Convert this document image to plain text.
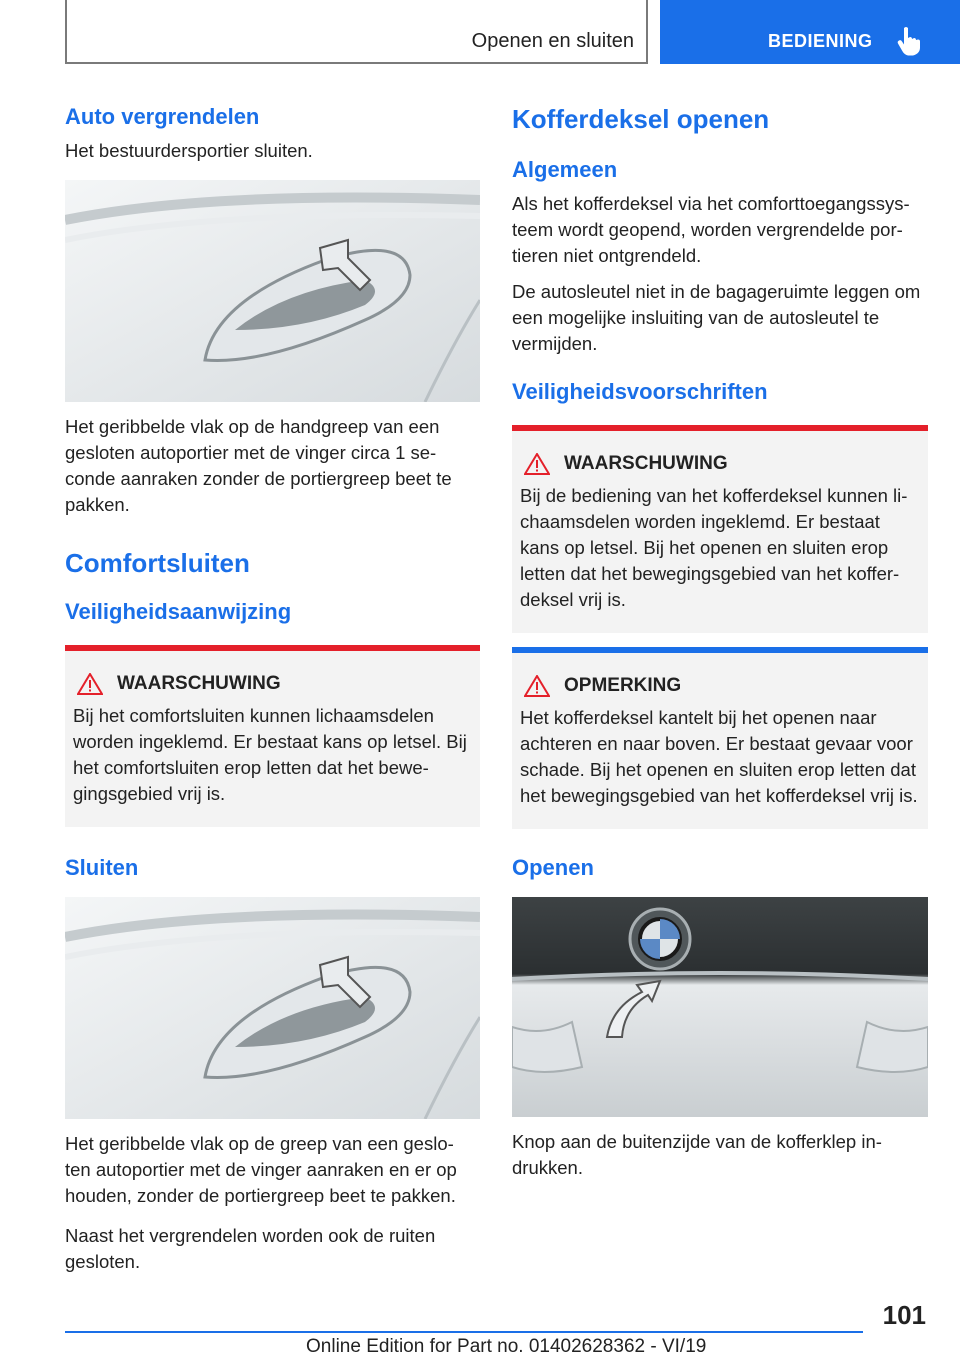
Openen en sluiten	BEDIENING
Auto vergrendelen

Het bestuurdersportier sluiten.

Het geribbelde vlak op de handgreep van een gesloten autoportier met de vinger circa 1 se- conde aanraken zonder de portiergreep beet te pakken.

Comfortsluiten
Veiligheidsaanwijzing
WAARSCHUWING

Bij het comfortsluiten kunnen lichaamsdelen worden ingeklemd. Er bestaat kans op letsel. Bij het comfortsluiten erop letten dat het bewe- gingsgebied vrij is.

Sluiten

Het geribbelde vlak op de greep van een geslo- ten autoportier met de vinger aanraken en er op houden, zonder de portiergreep beet te pakken.

Naast het vergrendelen worden ook de ruiten gesloten.

Kofferdeksel openen
Algemeen

Als het kofferdeksel via het comforttoegangssys- teem wordt geopend, worden vergrendelde por- tieren niet ontgrendeld.

De autosleutel niet in de bagageruimte leggen om een mogelijke insluiting van de autosleutel te vermijden.

Veiligheidsvoorschriften
WAARSCHUWING

Bij de bediening van het kofferdeksel kunnen li- chaamsdelen worden ingeklemd. Er bestaat kans op letsel. Bij het openen en sluiten erop letten dat het bewegingsgebied van het koffer- deksel vrij is.

OPMERKING

Het kofferdeksel kantelt bij het openen naar achteren en naar boven. Er bestaat gevaar voor schade. Bij het openen en sluiten erop letten dat het bewegingsgebied van het kofferdeksel vrij is.

Openen

Knop aan de buitenzijde van de kofferklep in- drukken.

101
Online Edition for Part no. 01402628362 - VI/19
